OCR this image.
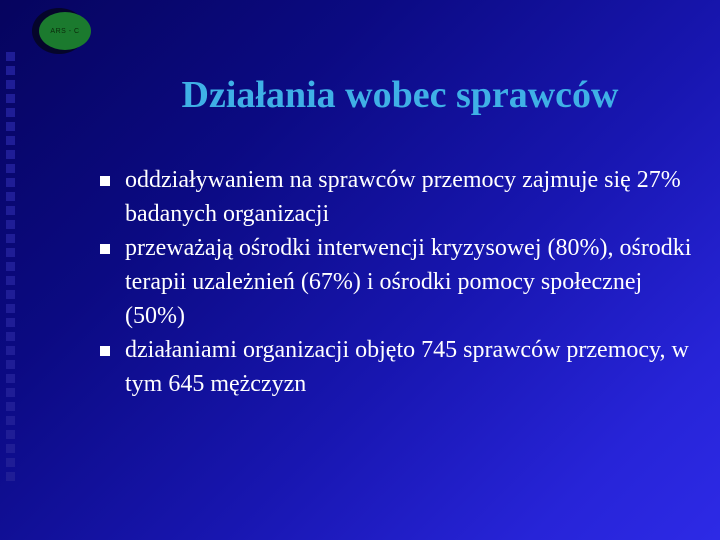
ARS - C
Działania wobec sprawców
oddziaływaniem na sprawców przemocy zajmuje się 27% badanych organizacji
przeważają ośrodki interwencji kryzysowej (80%), ośrodki terapii uzależnień (67%) i ośrodki pomocy społecznej (50%)
działaniami organizacji objęto 745 sprawców przemocy, w tym 645 mężczyzn
